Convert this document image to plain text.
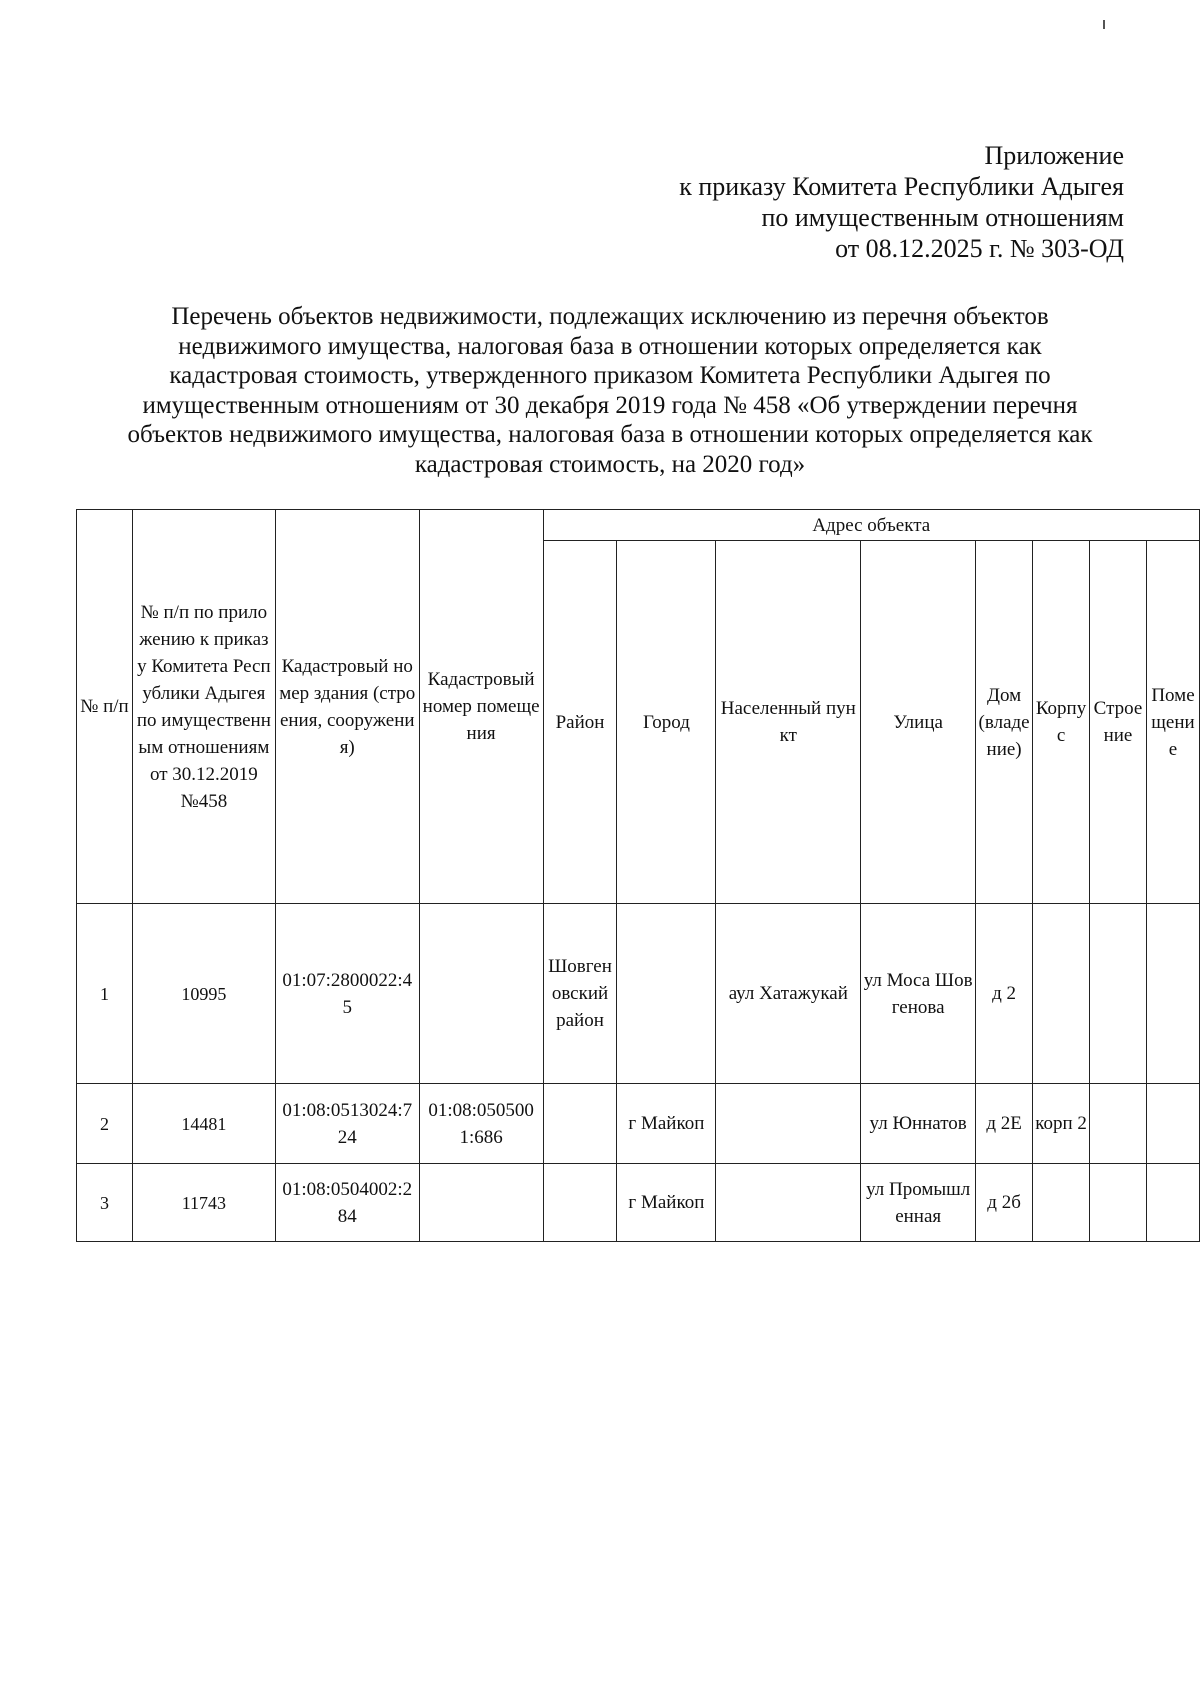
Приложение
к приказу Комитета Республики Адыгея
по имущественным отношениям
от 08.12.2025 г. № 303-ОД
Перечень объектов недвижимости, подлежащих исключению из перечня объектов
недвижимого имущества, налоговая база в отношении которых определяется как
кадастровая стоимость, утвержденного приказом Комитета Республики Адыгея по
имущественным отношениям от 30 декабря 2019 года № 458 «Об утверждении перечня
объектов недвижимого имущества, налоговая база в отношении которых определяется как
кадастровая стоимость, на 2020 год»
№ п/п	№ п/п по приложению к приказу Комитета Республики Адыгея по имущественным отношениям от 30.12.2019 №458	Кадастровый номер здания (строения, сооружения)	Кадастровый номер помещения	Адрес объекта							
				Район	Город	Населенный пункт	Улица	Дом (владение)	Корпус	Строение	Помещение
1	10995	01:07:2800022:45		Шовгеновский район		аул Хатажукай	ул Моса Шовгенова	д 2			
2	14481	01:08:0513024:724	01:08:0505001:686		г Майкоп		ул Юннатов	д 2Е	корп 2		
3	11743	01:08:0504002:284			г Майкоп		ул Промышленная	д 2б			
